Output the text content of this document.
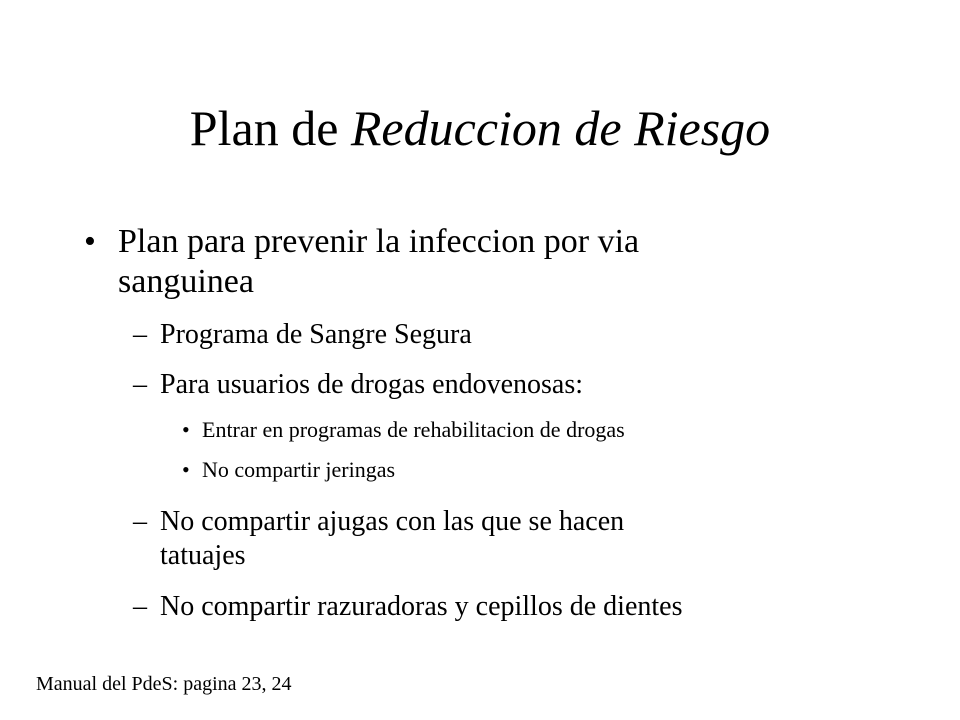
Plan de Reduccion de Riesgo
• Plan para prevenir la infeccion por via
sanguinea
– Programa de Sangre Segura
– Para usuarios de drogas endovenosas:
• Entrar en programas de rehabilitacion de drogas
• No compartir jeringas
– No compartir ajugas con las que se hacen
tatuajes
– No compartir razuradoras y cepillos de dientes
Manual del PdeS: pagina 23, 24
